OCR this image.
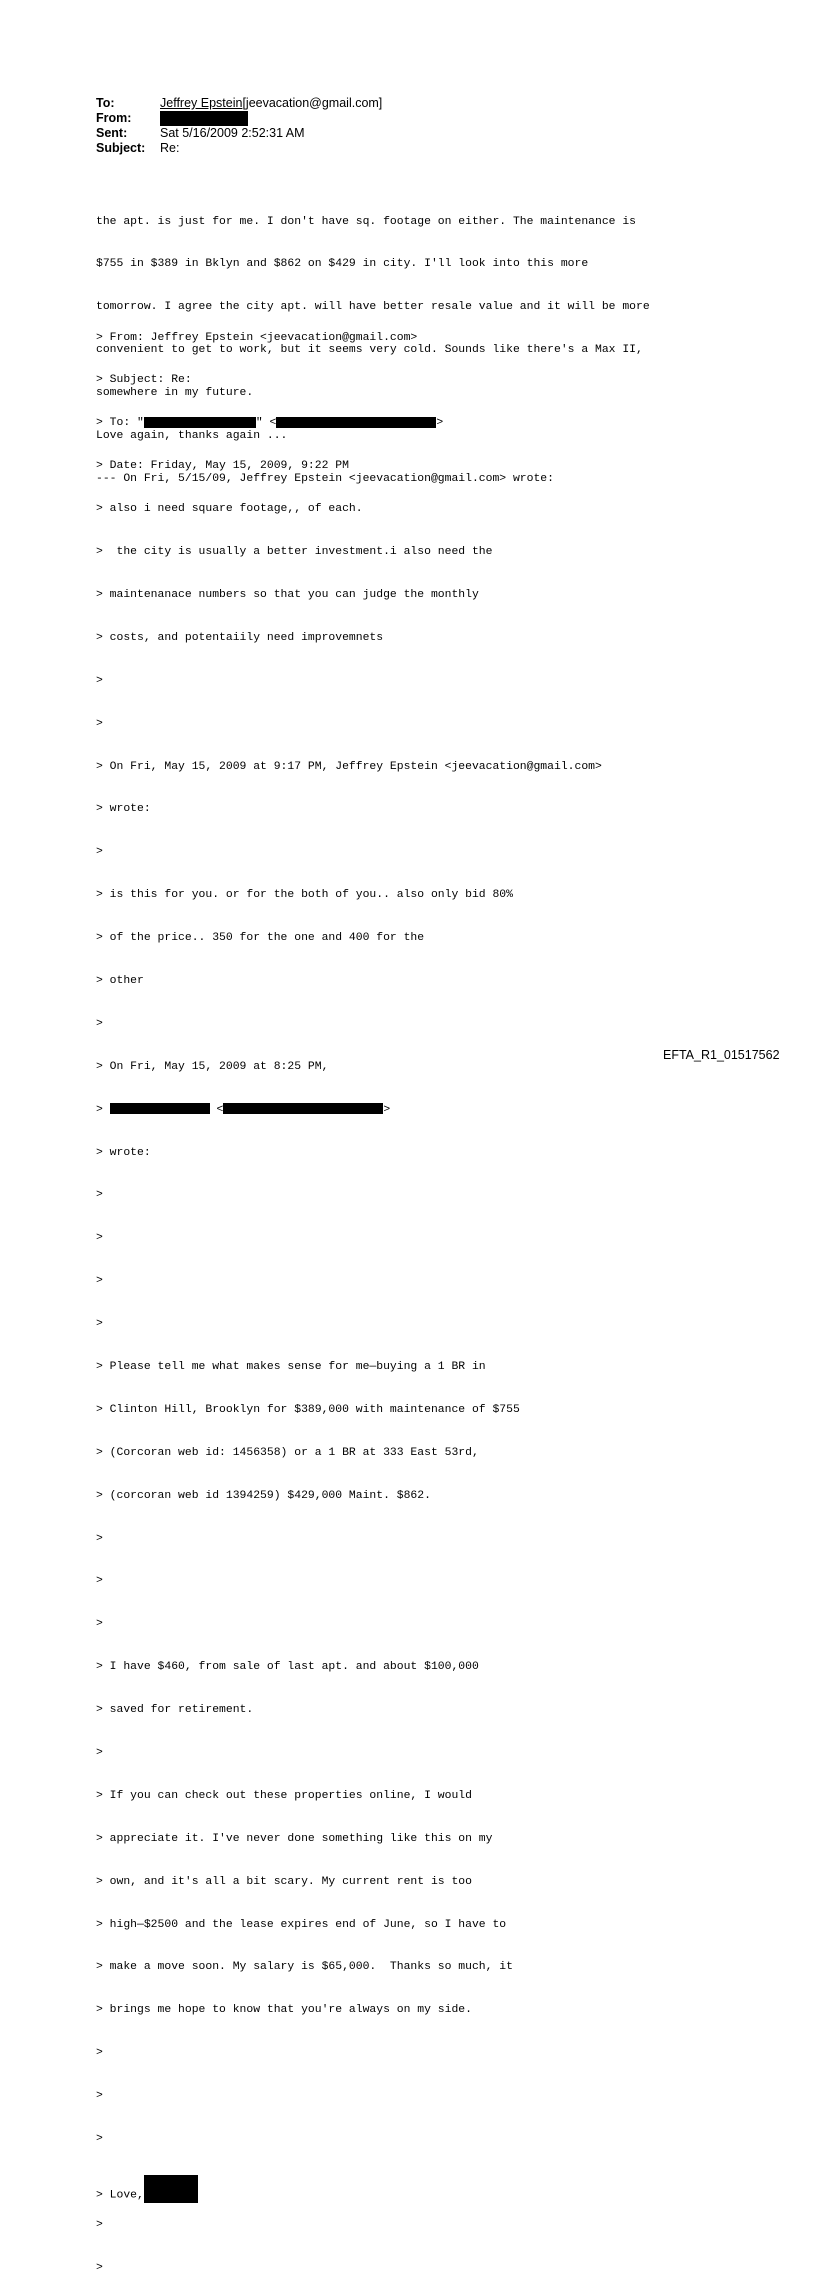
To:	Jeffrey Epstein[jeevacation@gmail.com]
From:
Sent:	Sat 5/16/2009 2:52:31 AM
Subject:	Re:

the apt. is just for me. I don't have sq. footage on either. The maintenance is

$755 in $389 in Bklyn and $862 on $429 in city. I'll look into this more

tomorrow. I agree the city apt. will have better resale value and it will be more

convenient to get to work, but it seems very cold. Sounds like there's a Max II,

somewhere in my future.

Love again, thanks again ...

--- On Fri, 5/15/09, Jeffrey Epstein <jeevacation@gmail.com> wrote:

> From: Jeffrey Epstein <jeevacation@gmail.com>

> Subject: Re:

> To: "	" <	>

> Date: Friday, May 15, 2009, 9:22 PM

> also i need square footage,, of each.

>  the city is usually a better investment.i also need the

> maintenanace numbers so that you can judge the monthly

> costs, and potentaiily need improvemnets

>

>

> On Fri, May 15, 2009 at 9:17 PM, Jeffrey Epstein <jeevacation@gmail.com>

> wrote:

>

> is this for you. or for the both of you.. also only bid 80%

> of the price.. 350 for the one and 400 for the

> other

>

> On Fri, May 15, 2009 at 8:25 PM,

>	<	>

> wrote:

>

>

>

>

> Please tell me what makes sense for me—buying a 1 BR in

> Clinton Hill, Brooklyn for $389,000 with maintenance of $755

> (Corcoran web id: 1456358) or a 1 BR at 333 East 53rd,

> (corcoran web id 1394259) $429,000 Maint. $862.

>

>

>

> I have $460, from sale of last apt. and about $100,000

> saved for retirement.

>

> If you can check out these properties online, I would

> appreciate it. I've never done something like this on my

> own, and it's all a bit scary. My current rent is too

> high—$2500 and the lease expires end of June, so I have to

> make a move soon. My salary is $65,000.  Thanks so much, it

> brings me hope to know that you're always on my side.

>

>

>

> Love,

>

>

EFTA_R1_01517562
